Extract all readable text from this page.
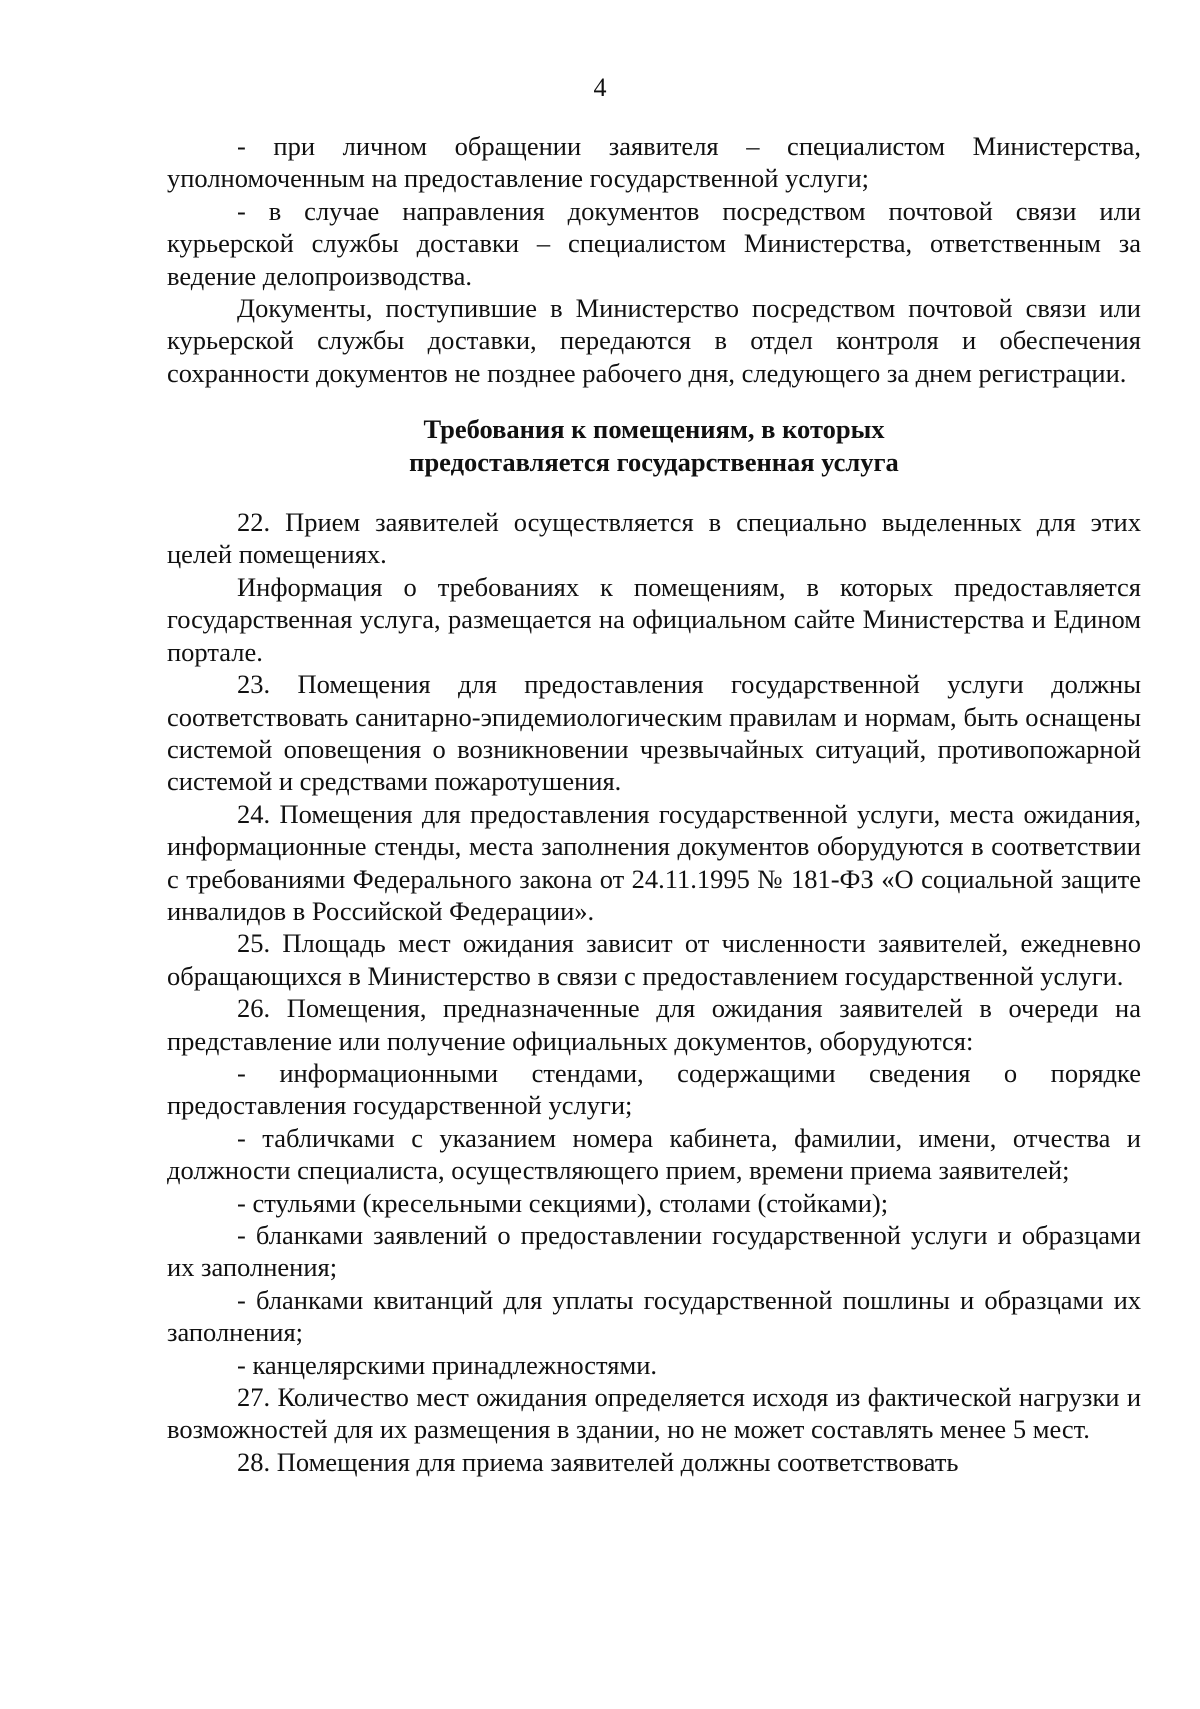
4

- при личном обращении заявителя – специалистом Министерства, уполномоченным на предоставление государственной услуги;

- в случае направления документов посредством почтовой связи или курьерской службы доставки – специалистом Министерства, ответственным за ведение делопроизводства.

Документы, поступившие в Министерство посредством почтовой связи или курьерской службы доставки, передаются в отдел контроля и обеспечения сохранности документов не позднее рабочего дня, следующего за днем регистрации.

Требования к помещениям, в которых
предоставляется государственная услуга

22. Прием заявителей осуществляется в специально выделенных для этих целей помещениях.

Информация о требованиях к помещениям, в которых предоставляется государственная услуга, размещается на официальном сайте Министерства и Едином портале.

23. Помещения для предоставления государственной услуги должны соответствовать санитарно-эпидемиологическим правилам и нормам, быть оснащены системой оповещения о возникновении чрезвычайных ситуаций, противопожарной системой и средствами пожаротушения.

24. Помещения для предоставления государственной услуги, места ожидания, информационные стенды, места заполнения документов оборудуются в соответствии с требованиями Федерального закона от 24.11.1995 № 181-ФЗ «О социальной защите инвалидов в Российской Федерации».

25. Площадь мест ожидания зависит от численности заявителей, ежедневно обращающихся в Министерство в связи с предоставлением государственной услуги.

26. Помещения, предназначенные для ожидания заявителей в очереди на представление или получение официальных документов, оборудуются:

- информационными стендами, содержащими сведения о порядке предоставления государственной услуги;

- табличками с указанием номера кабинета, фамилии, имени, отчества и должности специалиста, осуществляющего прием, времени приема заявителей;

- стульями (кресельными секциями), столами (стойками);

- бланками заявлений о предоставлении государственной услуги и образцами их заполнения;

- бланками квитанций для уплаты государственной пошлины и образцами их заполнения;

- канцелярскими принадлежностями.

27. Количество мест ожидания определяется исходя из фактической нагрузки и возможностей для их размещения в здании, но не может составлять менее 5 мест.

28. Помещения для приема заявителей должны соответствовать
